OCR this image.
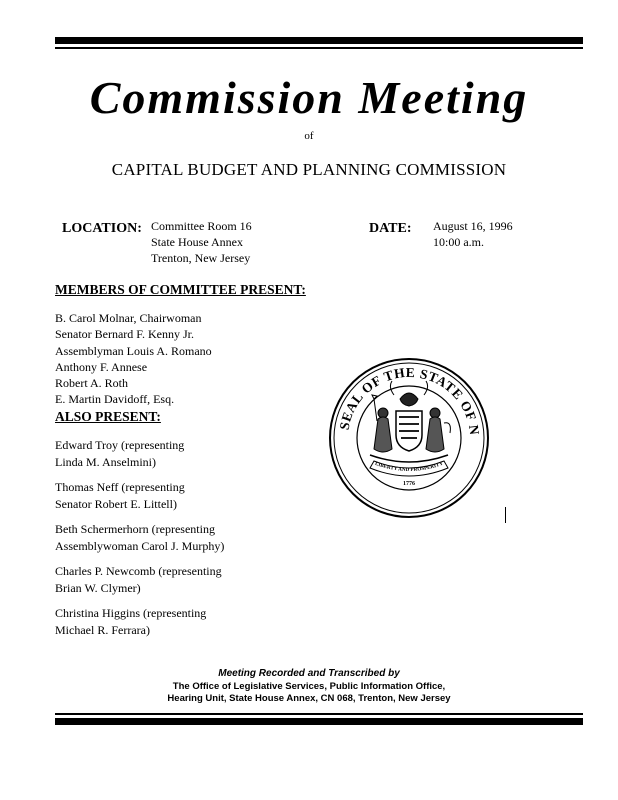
Commission Meeting
of
CAPITAL BUDGET AND PLANNING COMMISSION
LOCATION: Committee Room 16
State House Annex
Trenton, New Jersey
DATE: August 16, 1996
10:00 a.m.
MEMBERS OF COMMITTEE PRESENT:
B. Carol Molnar, Chairwoman
Senator Bernard F. Kenny Jr.
Assemblyman Louis A. Romano
Anthony F. Annese
Robert A. Roth
E. Martin Davidoff, Esq.
ALSO PRESENT:
Edward Troy (representing
Linda M. Anselmini)
Thomas Neff (representing
Senator Robert E. Littell)
Beth Schermerhorn (representing
Assemblywoman Carol J. Murphy)
Charles P. Newcomb (representing
Brian W. Clymer)
Christina Higgins (representing
Michael R. Ferrara)
SEAL OF THE STATE OF N
LIBERTY AND PROSPERITY
1776
Meeting Recorded and Transcribed by
The Office of Legislative Services, Public Information Office,
Hearing Unit, State House Annex, CN 068, Trenton, New Jersey
